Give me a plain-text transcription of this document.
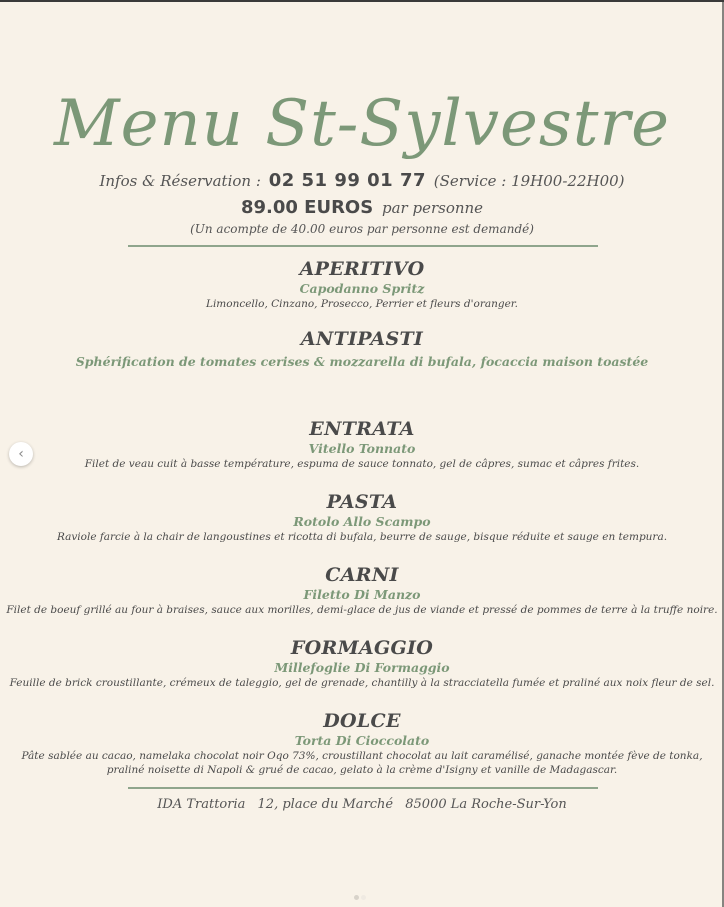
Menu St-Sylvestre
Infos & Réservation : 02 51 99 01 77 (Service : 19H00-22H00)
89.00 EUROS par personne
(Un acompte de 40.00 euros par personne est demandé)
APERITIVO
Capodanno Spritz
Limoncello, Cinzano, Prosecco, Perrier et fleurs d'oranger.
ANTIPASTI
Sphérification de tomates cerises & mozzarella di bufala, focaccia maison toastée
ENTRATA
Vitello Tonnato
Filet de veau cuit à basse température, espuma de sauce tonnato, gel de câpres, sumac et câpres frites.
PASTA
Rotolo Allo Scampo
Raviole farcie à la chair de langoustines et ricotta di bufala, beurre de sauge, bisque réduite et sauge en tempura.
CARNI
Filetto Di Manzo
Filet de boeuf grillé au four à braises, sauce aux morilles, demi-glace de jus de viande et pressé de pommes de terre à la truffe noire.
FORMAGGIO
Millefoglie Di Formaggio
Feuille de brick croustillante, crémeux de taleggio, gel de grenade, chantilly à la stracciatella fumée et praliné aux noix fleur de sel.
DOLCE
Torta Di Cioccolato
Pâte sablée au cacao, namelaka chocolat noir Oqo 73%, croustillant chocolat au lait caramélisé, ganache montée fève de tonka,
praliné noisette di Napoli & grué de cacao, gelato à la crème d'Isigny et vanille de Madagascar.
IDA Trattoria 12, place du Marché 85000 La Roche-Sur-Yon
‹
